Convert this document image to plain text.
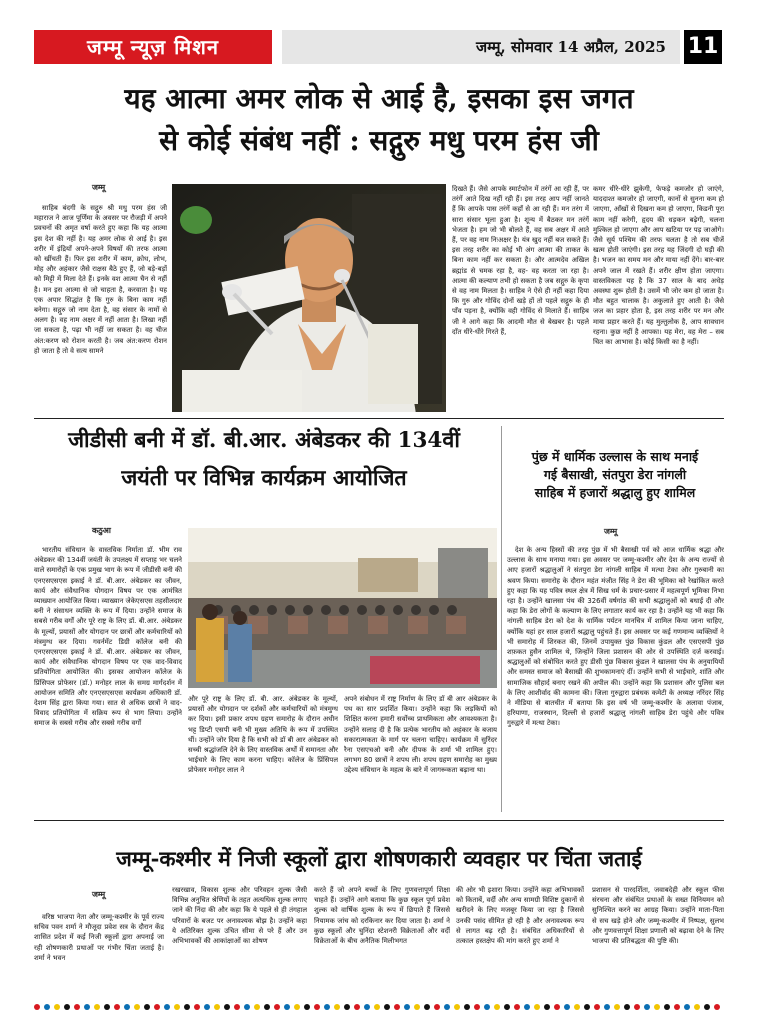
जम्मू न्यूज़ मिशन	जम्मू, सोमवार 14 अप्रैल, 2025 11
यह आत्मा अमर लोक से आई है, इसका इस जगत
से कोई संबंध नहीं : सद्गुरु मधु परम हंस जी
जम्मू

साहिब बंदगी के सद्गुरु श्री मधु परम हंस जी महाराज ने आज पूर्णिमा के अवसर पर रौजड़ी में अपने प्रवचनों की अमृत वर्षा करते हुए कहा कि यह आत्मा इस देश की नहीं है। यह अमर लोक से आई है। इस शरीर में इंद्रियाँ अपने-अपने विषयों की तरफ आत्मा को खींचती हैं। फिर इस शरीर में काम, क्रोध, लोभ, मोह और अहंकार जैसे राक्षस बैठे हुए हैं, जो बड़े-बड़ों को मिट्टी में मिला देते हैं। इनके वश आत्मा चैन से नहीं है। मन इस आत्मा से जो चाहता है, करवाता है। यह एक अपार सिद्धांत है कि गुरु के बिना काम नहीं बनेगा। सद्गुरु जो नाम देता है, वह संसार के नामों से अलग है। वह नाम अक्षर में नहीं आता है। लिखा नहीं जा सकता है, पढ़ा भी नहीं जा सकता है। वह चीज अंत:करण को रोशन करती है। जब अंत:करण रोशन हो जाता है तो वे सत्य सामने

दिखते हैं। जैसे आपके स्मार्टफोन में तरंगें आ रही हैं, पर तरंगें आते दिख नहीं रही हैं। इस तरह आप नहीं जानते हैं कि आपके पास तरंगें कहाँ से आ रही हैं। मन तरंग में सारा संसार भूला हुआ है। शून्य में बैठकर मन तरंगें भेजता है। हम जो भी बोलते हैं, वह सब अक्षर में आते हैं, पर वह नाम निःअक्षर है। यंत्र खुद नहीं बज सकते हैं। इस तरह शरीर का कोई भी अंग आत्मा की ताकत के बिना काम नहीं कर सकता है। और आत्मदेव अखिल ब्रह्मांड से चमक रहा है, वह- वह करता जा रहा है। आत्मा की कल्याण तभी हो सकता है जब सद्गुरु के कृपा से वह नाम मिलता है। साहिब ने ऐसे ही नहीं कहा दिया कि गुरु और गोविंद दोनों खड़े हों तो पहले सद्गुरु के ही पाँव पड़ना है, क्योंकि वही गोविंद से मिलाते हैं। साहिब जी ने आगे कहा कि आदमी मौत से बेखबर है। पहले दाँत धीरे-धीरे गिरते हैं,

कमर धीरे-धीरे झुकेगी, फेफड़े कमजोर हो जाएंगे, याददाश्त कमजोर हो जाएगी, कानों से सुनना कम हो जाएगा, आँखों से दिखना कम हो जाएगा, किडनी पूरा काम नहीं करेगी, हृदय की धड़कन बढ़ेगी, चलना मुश्किल हो जाएगा और आप खटिया पर पड़ जाओगे। जैसे सूर्य पश्चिम की तरफ चलता है तो सब चीजें खत्म होती जाएंगी। इस तरह यह जिंदगी दो घड़ी की है। भजन का समय मन और माया नहीं देंगे। बार-बार अपने जाल में रखते हैं। शरीर क्षीण होता जाएगा। वास्तविकता यह है कि 37 साल के बाद अधेड़ अवस्था शुरू होती है। उसमें भी जोर कम हो जाता है। मौत बहुत चालाक है। अकुलाते हुए आती है। जैसे जज का प्रहार होता है, इस तरह शरीर पर मन और माया प्रहार करते हैं। यह मुल्तुलोक है, आप सावधान रहना। कुछ नहीं है आपका। यह मेरा, वह मेरा – सब चित का आभास है। कोई किसी का है नहीं।

जीडीसी बनी में डॉ. बी.आर. अंबेडकर की 134वीं
जयंती पर विभिन्न कार्यक्रम आयोजित
कठुआ

भारतीय संविधान के वास्तविक निर्माता डॉ. भीम राव अंबेडकर की 134वीं जयंती के उपलक्ष्य में सप्ताह भर चलने वाले समारोहों के एक प्रमुख भाग के रूप में जीडीसी बनी की एनएसएसएस इकाई ने डॉ. बी.आर. अंबेडकर का जीवन, कार्य और संवैधानिक योगदान विषय पर एक आमंत्रित व्याख्यान आयोजित किया। व्याख्यान जेकेएसएस तहसीलदार बनी ने संसाधन व्यक्ति के रूप में दिया। उन्होंने समाज के सबसे गरीब वर्गों और पूरे राष्ट्र के लिए डॉ. बी.आर. अंबेडकर के मूल्यों, प्रयासों और योगदान पर छात्रों और कर्मचारियों को मंत्रमुग्ध कर दिया। गवर्नमेंट डिग्री कॉलेज बनी की एनएसएसएस इकाई ने डॉ. बी.आर. अंबेडकर का जीवन, कार्य और संवैधानिक योगदान विषय पर एक वाद-विवाद प्रतियोगिता आयोजित की। इसका आयोजन कॉलेज के प्रिंसिपल प्रोफेसर (डॉ.) मनोहर लाल के समग्र मार्गदर्शन में आयोजन समिति और एनएसएसएस कार्यक्रम अधिकारी डॉ. देशम सिंह द्वारा किया गया। सात से अधिक छात्रों ने वाद-विवाद प्रतियोगिता में सक्रिय रूप से भाग लिया। उन्होंने समाज के सबसे गरीब और सबसे गरीब वर्गों

और पूरे राष्ट्र के लिए डॉ. बी. आर. अंबेडकर के मूल्यों, प्रयासों और योगदान पर दर्शकों और कर्मचारियों को मंत्रमुग्ध कर दिया। इसी प्रकार शपथ ग्रहण समारोह के दौरान अधीन भट्ट डिप्टी एसपी बनी भी मुख्य अतिथि के रूप में उपस्थित थीं। उन्होंने जोर दिया है कि सभी को डॉ बी आर अंबेडकर को सच्ची श्रद्धांजलि देने के लिए वास्तविक अर्थों में समानता और भाईचारे के लिए काम करना चाहिए। कॉलेज के प्रिंसिपल प्रोफेसर मनोहर लाल ने

अपने संबोधन में राष्ट्र निर्माण के लिए डॉ बी आर अंबेडकर के पथ का सार प्रदर्शित किया। उन्होंने कहा कि लड़कियों को शिक्षित करना हमारी सर्वोच्च प्राथमिकता और आवश्यकता है। उन्होंने सलाह दी है कि प्रत्येक भारतीय को अहंकार के बजाय सकारात्मकता के मार्ग पर चलना चाहिए। कार्यक्रम में सुरिंदर रैना एसएचओ बनी और दीपक के शर्मा भी शामिल हुए। लगभग 80 छात्रों ने शपथ ली। शपथ ग्रहण समारोह का मुख्य उद्देश्य संविधान के महत्व के बारे में जागरूकता बढ़ाना था।

पुंछ में धार्मिक उल्लास के साथ मनाई
गई बैसाखी, संतपुरा डेरा नांगली
साहिब में हजारों श्रद्धालु हुए शामिल
जम्मू

देश के अन्य हिस्सों की तरह पुंछ में भी बैसाखी पर्व को आज धार्मिक श्रद्धा और उल्लास के साथ मनाया गया। इस अवसर पर जम्मू-कश्मीर और देश के अन्य राज्यों से आए हजारों श्रद्धालुओं ने संतपुरा डेरा नांगली साहिब में मत्था टेका और गुरुबानी का श्रवण किया। समारोह के दौरान महंत मंजीत सिंह ने डेरा की भूमिका को रेखांकित करते हुए कहा कि यह पवित्र स्थल क्षेत्र में सिख धर्म के प्रचार-प्रसार में महत्वपूर्ण भूमिका निभा रहा है। उन्होंने खालसा पंथ की 326वीं वर्षगांठ की सभी श्रद्धालुओं को बधाई दी और कहा कि डेरा लोगों के कल्याण के लिए लगातार कार्य कर रहा है। उन्होंने यह भी कहा कि नांगली साहिब डेरा को देश के धार्मिक पर्यटन मानचित्र में शामिल किया जाना चाहिए, क्योंकि यहां हर साल हजारों श्रद्धालु पहुंचते हैं। इस अवसर पर कई गणमान्य व्यक्तियों ने भी समारोह में शिरकत की, जिनमें उपायुक्त पुंछ विकास कुंडल और एसएसपी पुंछ शफ़कत हुसैन शामिल थे, जिन्होंने जिला प्रशासन की ओर से उपस्थिति दर्ज करवाई। श्रद्धालुओं को संबोधित करते हुए डीसी पुंछ विकास कुंडल ने खालसा पंथ के अनुयायियों और समस्त समाज को बैसाखी की शुभकामनाएं दीं। उन्होंने सभी से भाईचारे, शांति और सामाजिक सौहार्द बनाए रखने की अपील की। उन्होंने कहा कि प्रशासन और पुलिस बल के लिए आशीर्वाद की कामना की। जिला गुरुद्वारा प्रबंधक कमेटी के अध्यक्ष नरिंदर सिंह ने मीडिया से बातचीत में बताया कि इस वर्ष भी जम्मू-कश्मीर के अलावा पंजाब, हरियाणा, राजस्थान, दिल्ली से हजारों श्रद्धालु नांगली साहिब डेरा पहुंचे और पवित्र गुरुद्वारे में मत्था टेका।

जम्मू-कश्मीर में निजी स्कूलों द्वारा शोषणकारी व्यवहार पर चिंता जताई
जम्मू

वरिष्ठ भाजपा नेता और जम्मू-कश्मीर के पूर्व राज्य सचिव पवन शर्मा ने मौजूदा प्रवेश सत्र के दौरान केंद्र शासित प्रदेश में कई निजी स्कूलों द्वारा अपनाई जा रही शोषणकारी प्रथाओं पर गंभीर चिंता जताई है। शर्मा ने भवन

रखरखाव, विकास शुल्क और परिवहन शुल्क जैसी विभिन्न अनुचित श्रेणियों के तहत अत्यधिक शुल्क लगाए जाने की निंदा की और कहा कि ये पहले से ही तंगहाल परिवारों के बजट पर अनावश्यक बोझ है। उन्होंने कहा ये अतिरिक्त शुल्क उचित सीमा से परे हैं और उन अभिभावकों की आकांक्षाओं का शोषण

करते हैं जो अपने बच्चों के लिए गुणवत्तापूर्ण शिक्षा चाहते हैं। उन्होंने आगे बताया कि कुछ स्कूल पूर्ण प्रवेश शुल्क को वार्षिक शुल्क के रूप में छिपाते हैं जिससे नियामक जांच को दरकिनार कर दिया जाता है। शर्मा ने कुछ स्कूलों और चुनिंदा स्टेशनरी विक्रेताओं और वर्दी विक्रेताओं के बीच अनैतिक मिलीभगत

की ओर भी इशारा किया। उन्होंने कहा अभिभावकों को किताबें, वर्दी और अन्य सामग्री विशिष्ट दुकानों से खरीदने के लिए मजबूर किया जा रहा है जिससे उनकी पसंद सीमित हो रही है और अनावश्यक रूप से लागत बढ़ रही है। संबंधित अधिकारियों से तत्काल हस्तक्षेप की मांग करते हुए शर्मा ने

प्रशासन से पारदर्शिता, जवाबदेही और स्कूल फीस संरचना और संबंधित प्रथाओं के सख्त विनियमन को सुनिश्चित करने का आग्रह किया। उन्होंने माता-पिता से सच खड़े होने और जम्मू-कश्मीर में निष्पक्ष, सुलभ और गुणवत्तापूर्ण शिक्षा प्रणाली को बढ़ावा देने के लिए भाजपा की प्रतिबद्धता की पुष्टि की।
